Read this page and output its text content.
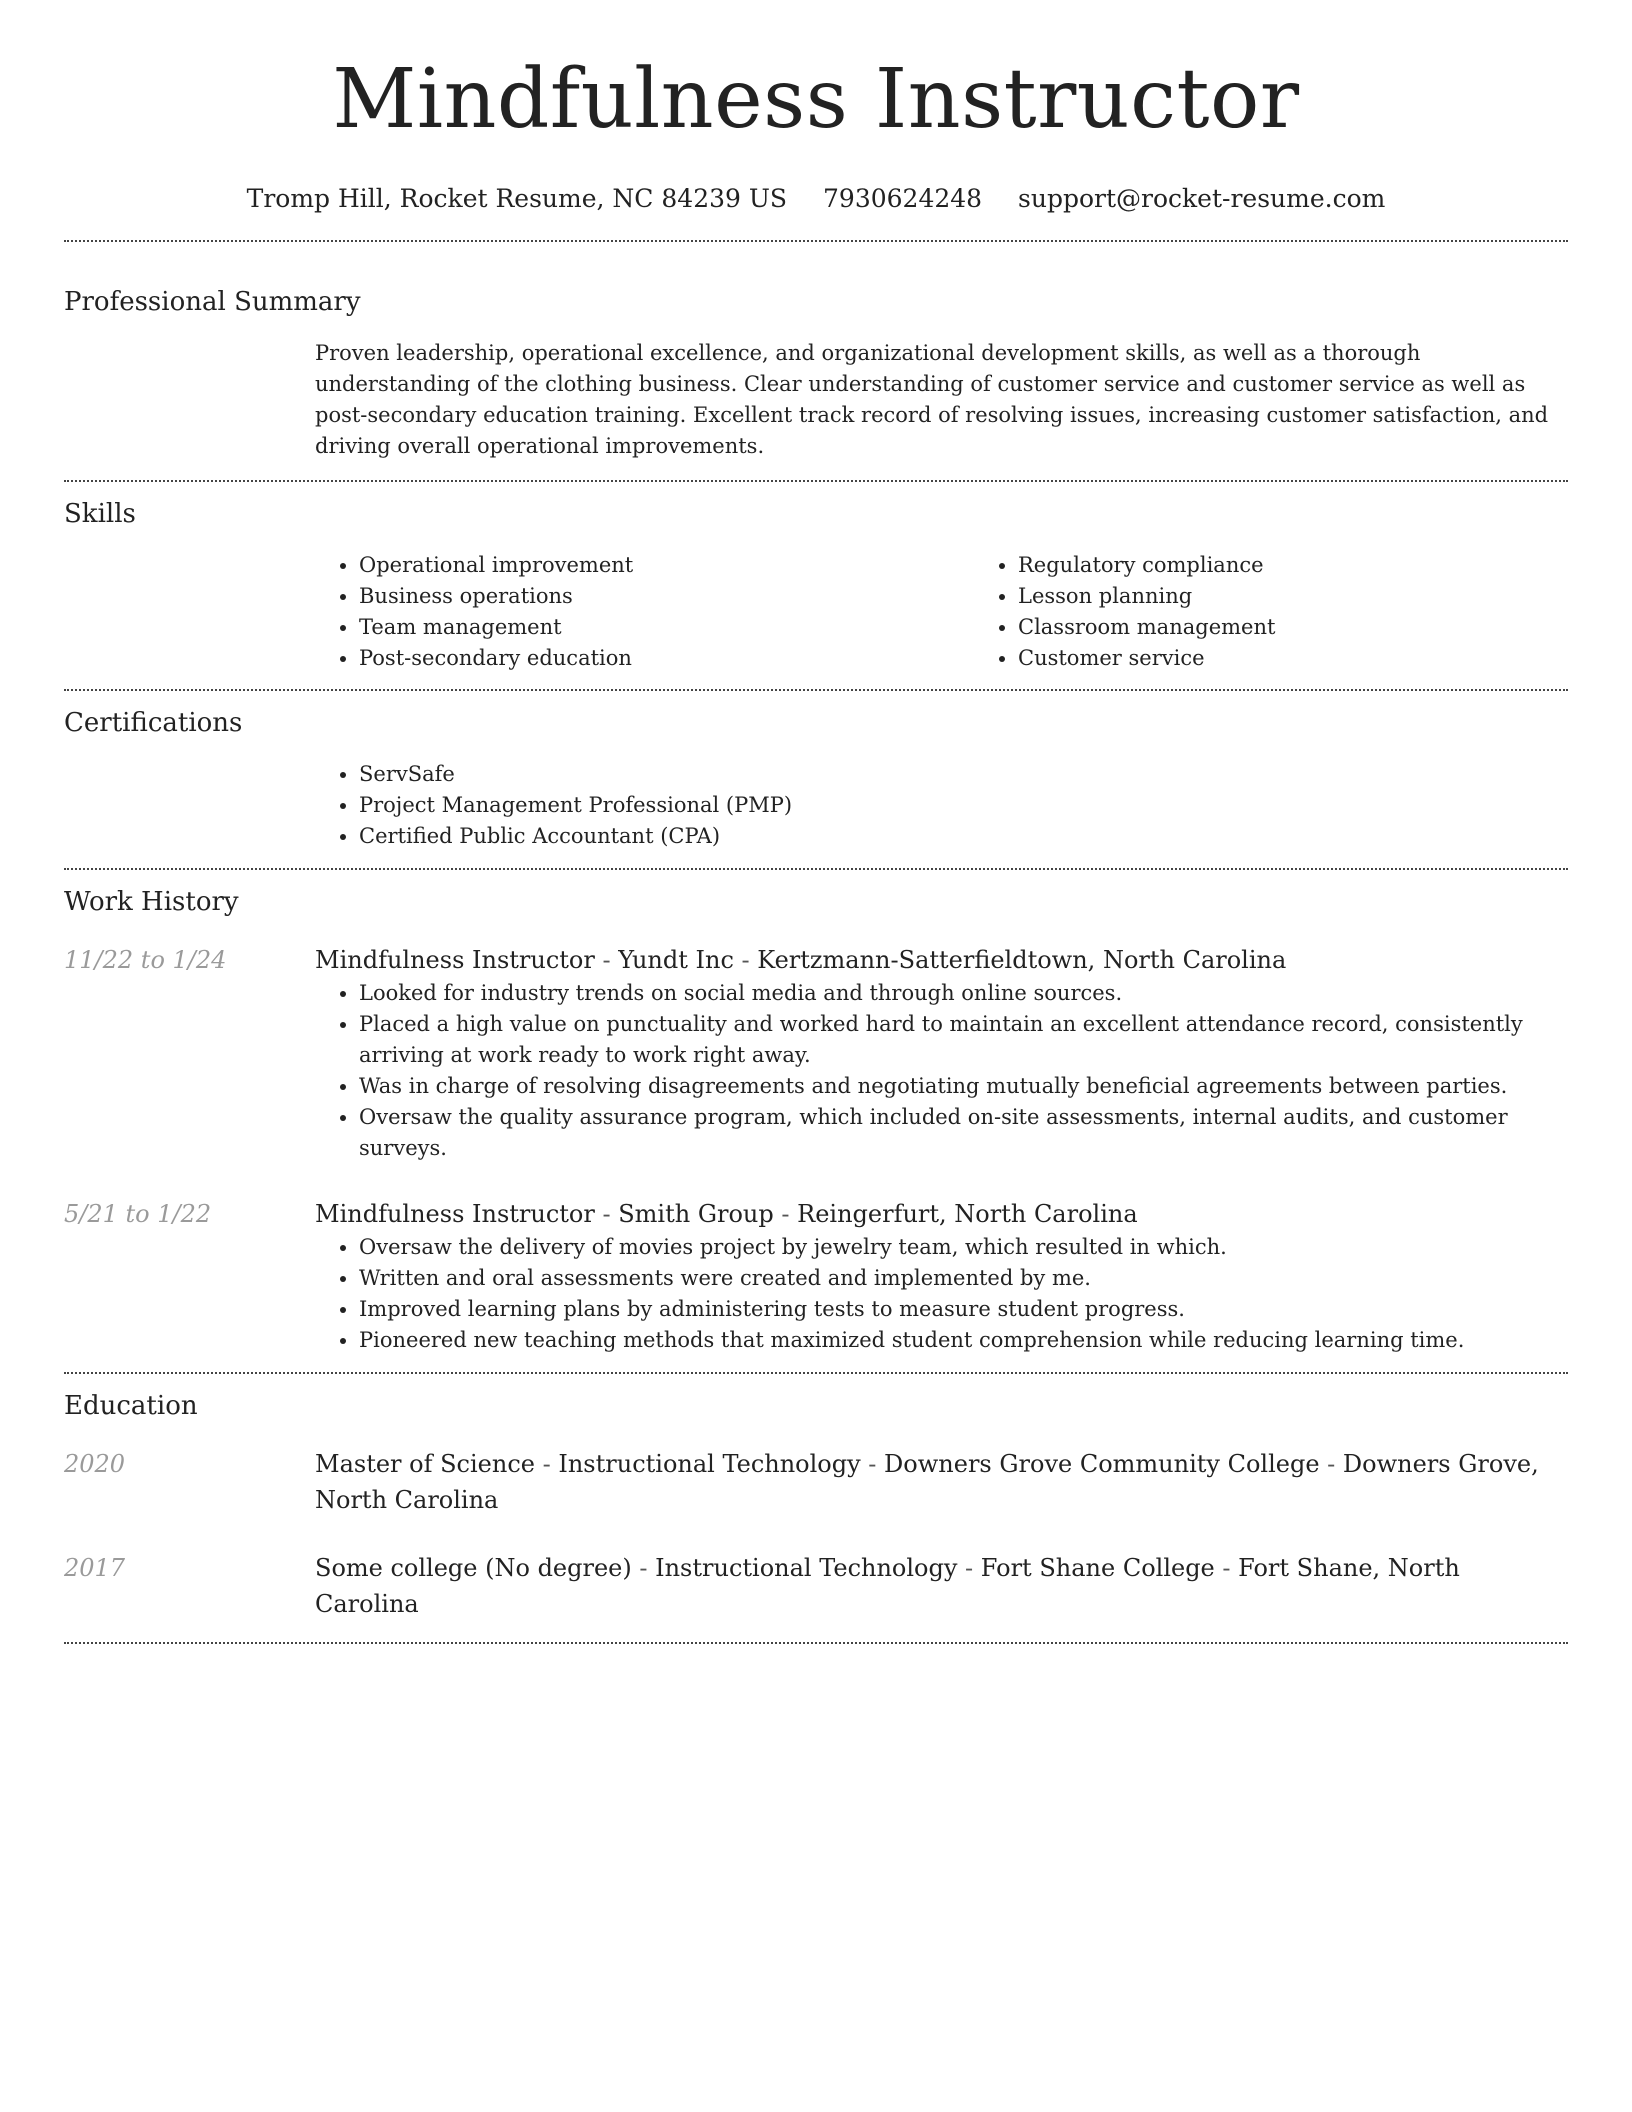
Mindfulness Instructor
Tromp Hill, Rocket Resume, NC 84239 US 7930624248 support@rocket-resume.com
Professional Summary

Proven leadership, operational excellence, and organizational development skills, as well as a thorough understanding of the clothing business. Clear understanding of customer service and customer service as well as post-secondary education training. Excellent track record of resolving issues, increasing customer satisfaction, and driving overall operational improvements.

Skills
• Operational improvement
• Business operations
• Team management
• Post-secondary education
• Regulatory compliance
• Lesson planning
• Classroom management
• Customer service
Certifications
• ServSafe
• Project Management Professional (PMP)
• Certified Public Accountant (CPA)
Work History
11/22 to 1/24	Mindfulness Instructor - Yundt Inc - Kertzmann-Satterfieldtown, North Carolina

• Looked for industry trends on social media and through online sources.
• Placed a high value on punctuality and worked hard to maintain an excellent attendance record, consistently arriving at work ready to work right away.
• Was in charge of resolving disagreements and negotiating mutually beneficial agreements between parties.
• Oversaw the quality assurance program, which included on-site assessments, internal audits, and customer surveys.
5/21 to 1/22	Mindfulness Instructor - Smith Group - Reingerfurt, North Carolina

• Oversaw the delivery of movies project by jewelry team, which resulted in which.
• Written and oral assessments were created and implemented by me.
• Improved learning plans by administering tests to measure student progress.
• Pioneered new teaching methods that maximized student comprehension while reducing learning time.
Education
2020	Master of Science - Instructional Technology - Downers Grove Community College - Downers Grove, North Carolina

2017	Some college (No degree) - Instructional Technology - Fort Shane College - Fort Shane, North Carolina
